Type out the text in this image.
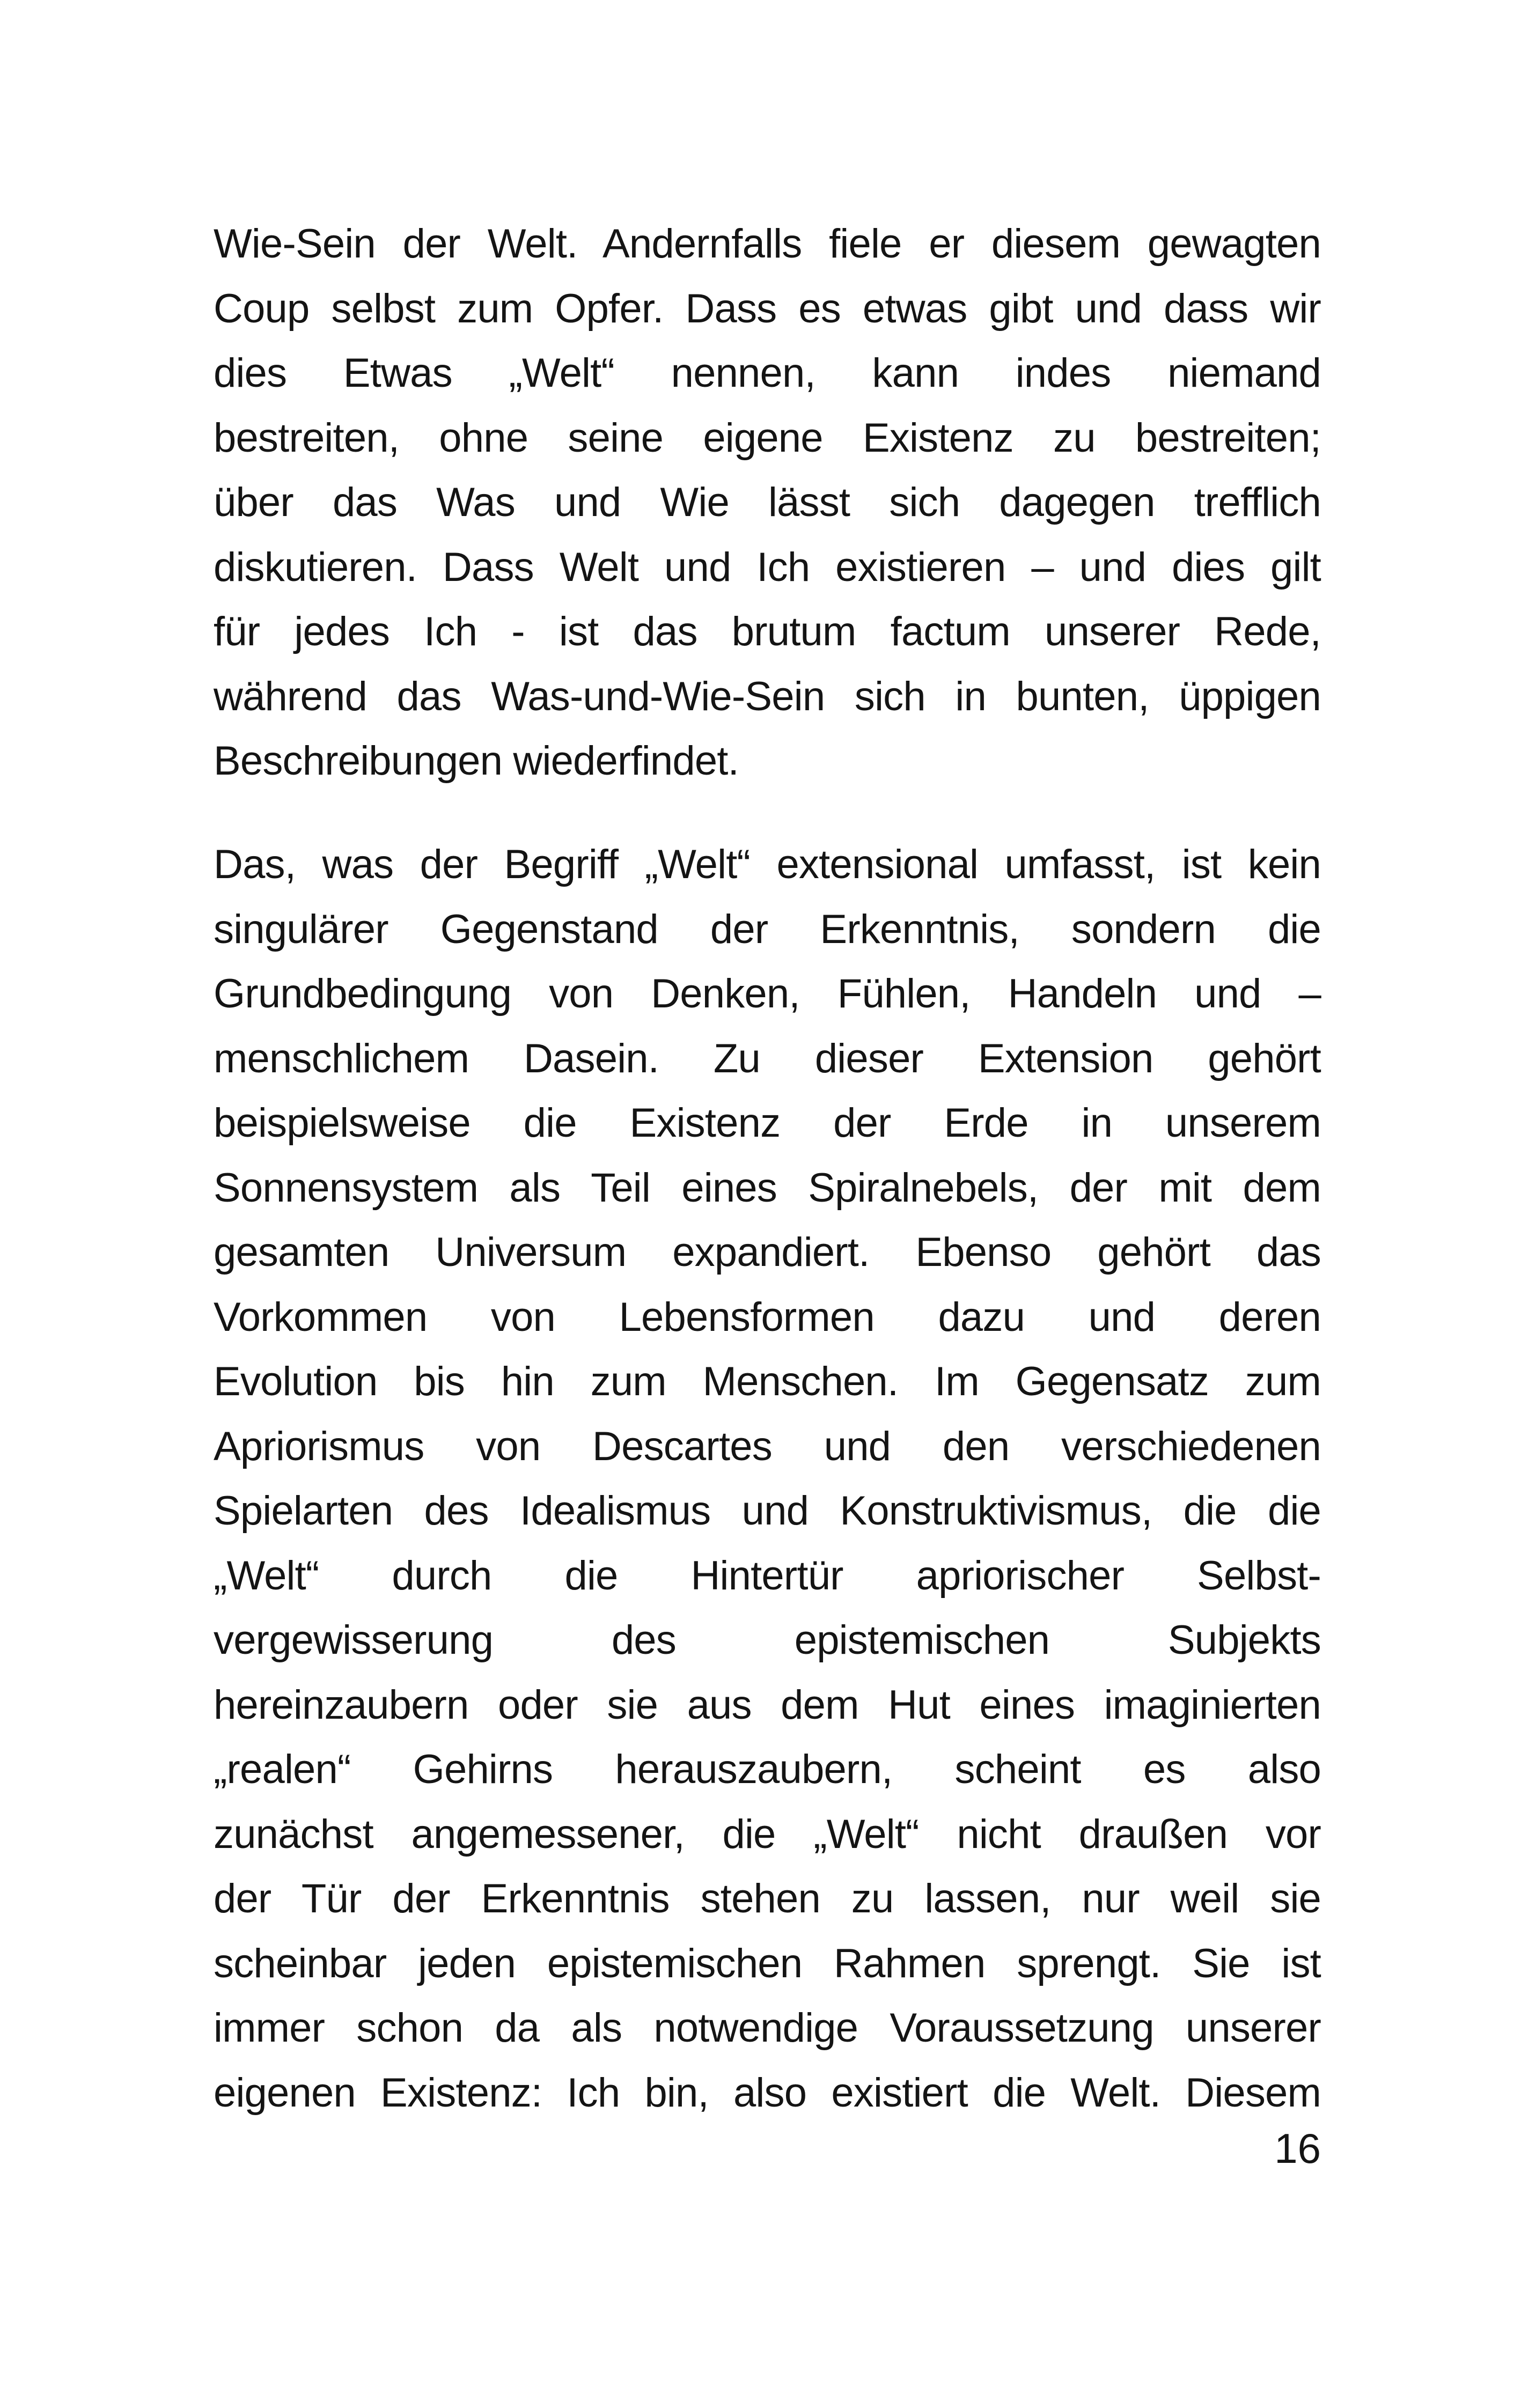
Wie-Sein der Welt. Andernfalls fiele er diesem gewagten
Coup selbst zum Opfer. Dass es etwas gibt und dass wir
dies Etwas „Welt“ nennen, kann indes niemand
bestreiten, ohne seine eigene Existenz zu bestreiten;
über das Was und Wie lässt sich dagegen trefflich
diskutieren. Dass Welt und Ich existieren – und dies gilt
für jedes Ich - ist das brutum factum unserer Rede,
während das Was-und-Wie-Sein sich in bunten, üppigen
Beschreibungen wiederfindet.
Das, was der Begriff „Welt“ extensional umfasst, ist kein
singulärer Gegenstand der Erkenntnis, sondern die
Grundbedingung von Denken, Fühlen, Handeln und –
menschlichem Dasein. Zu dieser Extension gehört
beispielsweise die Existenz der Erde in unserem
Sonnensystem als Teil eines Spiralnebels, der mit dem
gesamten Universum expandiert. Ebenso gehört das
Vorkommen von Lebensformen dazu und deren
Evolution bis hin zum Menschen. Im Gegensatz zum
Apriorismus von Descartes und den verschiedenen
Spielarten des Idealismus und Konstruktivismus, die die
„Welt“ durch die Hintertür apriorischer Selbst-
vergewisserung des epistemischen Subjekts
hereinzaubern oder sie aus dem Hut eines imaginierten
„realen“ Gehirns herauszaubern, scheint es also
zunächst angemessener, die „Welt“ nicht draußen vor
der Tür der Erkenntnis stehen zu lassen, nur weil sie
scheinbar jeden epistemischen Rahmen sprengt. Sie ist
immer schon da als notwendige Voraussetzung unserer
eigenen Existenz: Ich bin, also existiert die Welt. Diesem
16
